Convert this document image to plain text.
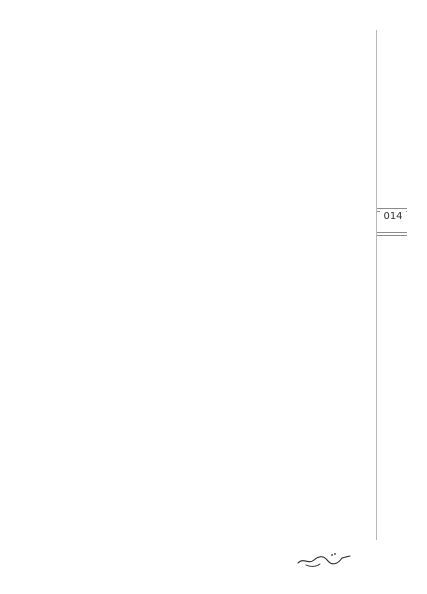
014
